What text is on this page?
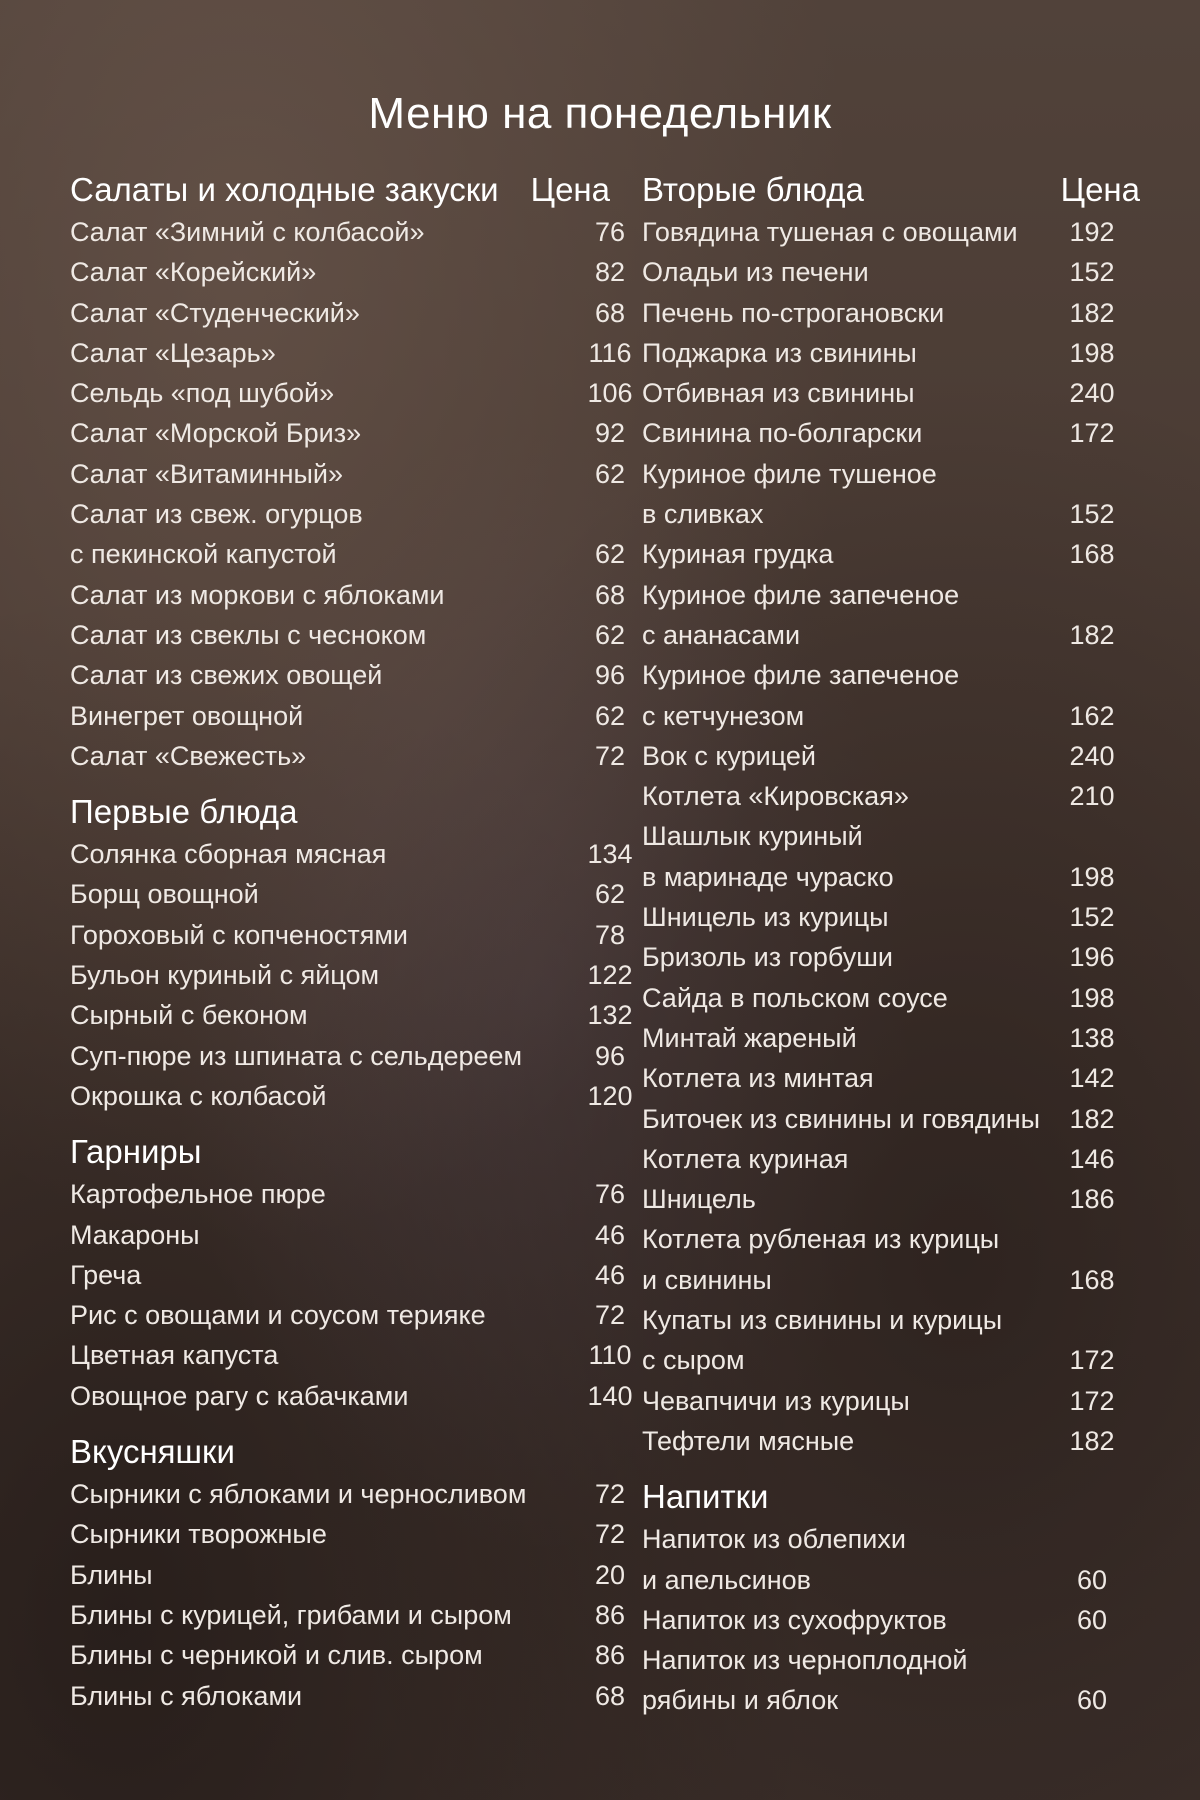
Меню на понедельник
Салаты и холодные закуски Цена
Салат «Зимний с колбасой»	76
Салат «Корейский»	82
Салат «Студенческий»	68
Салат «Цезарь»	116
Сельдь «под шубой»	106
Салат «Морской Бриз»	92
Салат «Витаминный»	62
Салат из свеж. огурцов
с пекинской капустой	62
Салат из моркови с яблоками	68
Салат из свеклы с чесноком	62
Салат из свежих овощей	96
Винегрет овощной	62
Салат «Свежесть»	72
Первые блюда
Солянка сборная мясная	134
Борщ овощной	62
Гороховый с копченостями	78
Бульон куриный с яйцом	122
Сырный с беконом	132
Суп-пюре из шпината с сельдереем	96
Окрошка с колбасой	120
Гарниры
Картофельное пюре	76
Макароны	46
Греча	46
Рис с овощами и соусом терияке	72
Цветная капуста	110
Овощное рагу с кабачками	140
Вкусняшки
Сырники с яблоками и черносливом	72
Сырники творожные	72
Блины	20
Блины с курицей, грибами и сыром	86
Блины с черникой и слив. сыром	86
Блины с яблоками	68
Вторые блюда	Цена
Говядина тушеная с овощами	192
Оладьи из печени	152
Печень по-строгановски	182
Поджарка из свинины	198
Отбивная из свинины	240
Свинина по-болгарски	172
Куриное филе тушеное
в сливках	152
Куриная грудка	168
Куриное филе запеченое
с ананасами	182
Куриное филе запеченое
с кетчунезом	162
Вок с курицей	240
Котлета «Кировская»	210
Шашлык куриный
в маринаде чураско	198
Шницель из курицы	152
Бризоль из горбуши	196
Сайда в польском соусе	198
Минтай жареный	138
Котлета из минтая	142
Биточек из свинины и говядины	182
Котлета куриная	146
Шницель	186
Котлета рубленая из курицы
и свинины	168
Купаты из свинины и курицы
с сыром	172
Чевапчичи из курицы	172
Тефтели мясные	182
Напитки
Напиток из облепихи
и апельсинов	60
Напиток из сухофруктов	60
Напиток из черноплодной
рябины и яблок	60
